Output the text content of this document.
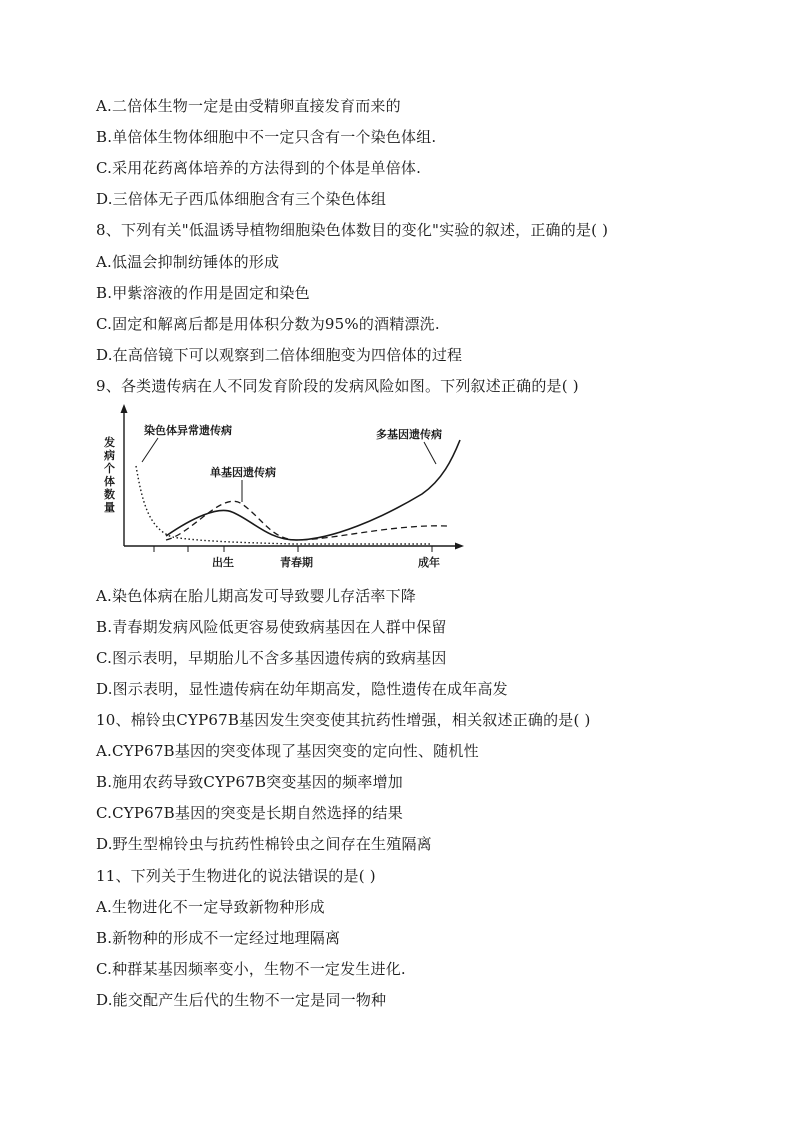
A.二倍体生物一定是由受精卵直接发育而来的
B.单倍体生物体细胞中不一定只含有一个染色体组.
C.采用花药离体培养的方法得到的个体是单倍体.
D.三倍体无子西瓜体细胞含有三个染色体组
8、下列有关"低温诱导植物细胞染色体数目的变化"实验的叙述，正确的是( )
A.低温会抑制纺锤体的形成
B.甲紫溶液的作用是固定和染色
C.固定和解离后都是用体积分数为95%的酒精漂洗.
D.在高倍镜下可以观察到二倍体细胞变为四倍体的过程
9、各类遗传病在人不同发育阶段的发病风险如图。下列叙述正确的是( )
发
病
个
体
数
量
染色体异常遗传病
单基因遗传病
多基因遗传病
出生	青春期	成年
A.染色体病在胎儿期高发可导致婴儿存活率下降
B.青春期发病风险低更容易使致病基因在人群中保留
C.图示表明，早期胎儿不含多基因遗传病的致病基因
D.图示表明，显性遗传病在幼年期高发，隐性遗传在成年高发
10、棉铃虫CYP67B基因发生突变使其抗药性增强，相关叙述正确的是( )
A.CYP67B基因的突变体现了基因突变的定向性、随机性
B.施用农药导致CYP67B突变基因的频率增加
C.CYP67B基因的突变是长期自然选择的结果
D.野生型棉铃虫与抗药性棉铃虫之间存在生殖隔离
11、下列关于生物进化的说法错误的是( )
A.生物进化不一定导致新物种形成
B.新物种的形成不一定经过地理隔离
C.种群某基因频率变小，生物不一定发生进化.
D.能交配产生后代的生物不一定是同一物种
